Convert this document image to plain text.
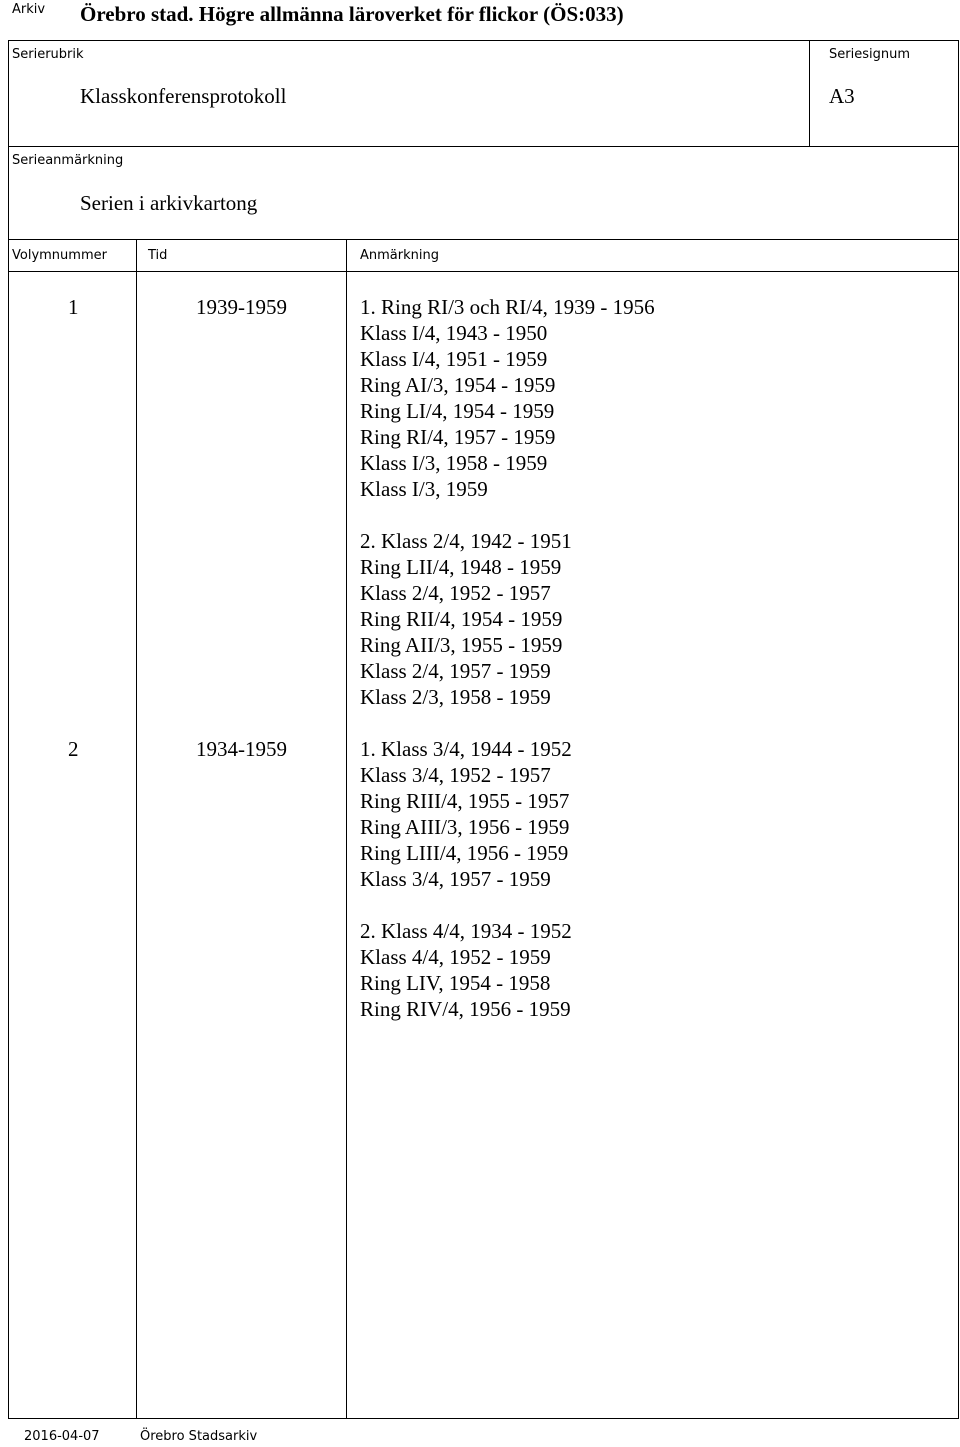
Arkiv Örebro stad. Högre allmänna läroverket för flickor (ÖS:033)
Serierubrik
Klasskonferensprotokoll
Seriesignum
A3
Serieanmärkning
Serien i arkivkartong
Volymnummer	Tid	Anmärkning
1	1939-1959	1. Ring RI/3 och RI/4, 1939 - 1956
Klass I/4, 1943 - 1950
Klass I/4, 1951 - 1959
Ring AI/3, 1954 - 1959
Ring LI/4, 1954 - 1959
Ring RI/4, 1957 - 1959
Klass I/3, 1958 - 1959
Klass I/3, 1959
2. Klass 2/4, 1942 - 1951
Ring LII/4, 1948 - 1959
Klass 2/4, 1952 - 1957
Ring RII/4, 1954 - 1959
Ring AII/3, 1955 - 1959
Klass 2/4, 1957 - 1959
Klass 2/3, 1958 - 1959
2	1934-1959	1. Klass 3/4, 1944 - 1952
Klass 3/4, 1952 - 1957
Ring RIII/4, 1955 - 1957
Ring AIII/3, 1956 - 1959
Ring LIII/4, 1956 - 1959
Klass 3/4, 1957 - 1959
2. Klass 4/4, 1934 - 1952
Klass 4/4, 1952 - 1959
Ring LIV, 1954 - 1958
Ring RIV/4, 1956 - 1959
2016-04-07	Örebro Stadsarkiv
